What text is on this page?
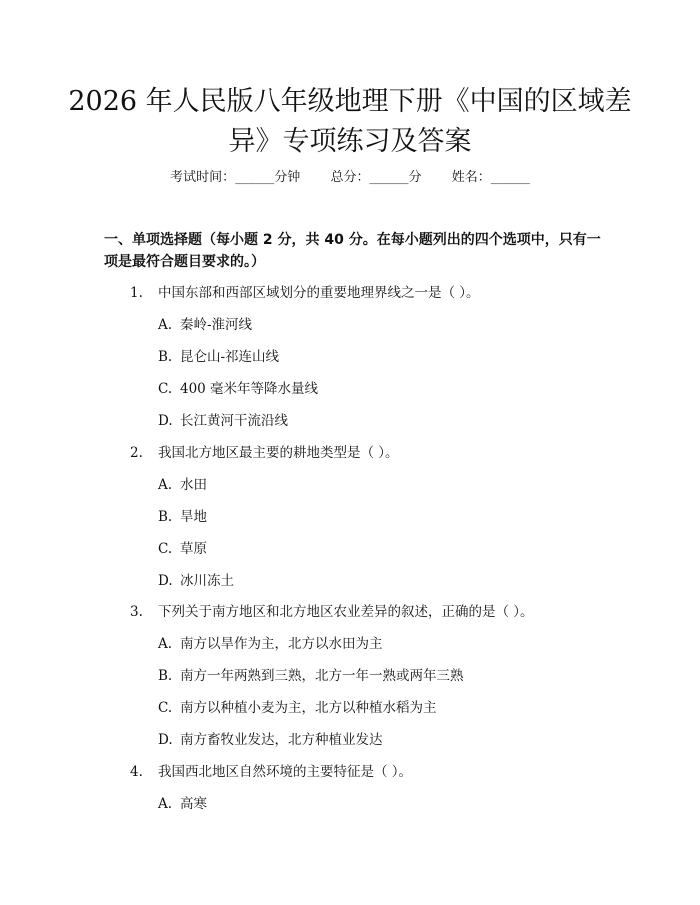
2026 年人民版八年级地理下册《中国的区域差异》专项练习及答案
考试时间：______分钟 总分：______分 姓名：______
一、单项选择题（每小题 2 分，共 40 分。在每小题列出的四个选项中，只有一项是最符合题目要求的。）
1. 中国东部和西部区域划分的重要地理界线之一是（ ）。
A. 秦岭-淮河线
B. 昆仑山-祁连山线
C. 400 毫米年等降水量线
D. 长江黄河干流沿线
2. 我国北方地区最主要的耕地类型是（ ）。
A. 水田
B. 旱地
C. 草原
D. 冰川冻土
3. 下列关于南方地区和北方地区农业差异的叙述，正确的是（ ）。
A. 南方以旱作为主，北方以水田为主
B. 南方一年两熟到三熟，北方一年一熟或两年三熟
C. 南方以种植小麦为主，北方以种植水稻为主
D. 南方畜牧业发达，北方种植业发达
4. 我国西北地区自然环境的主要特征是（ ）。
A. 高寒
